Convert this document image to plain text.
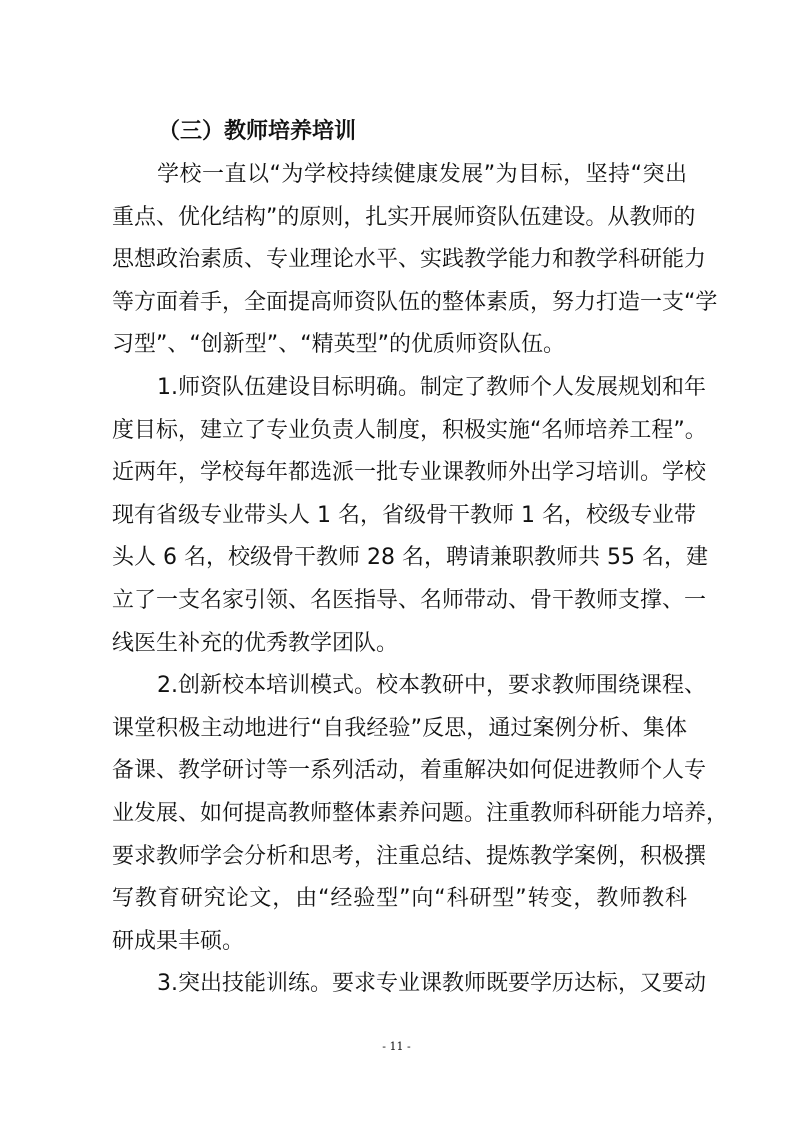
（三）教师培养培训
学校一直以“为学校持续健康发展”为目标，坚持“突出
重点、优化结构”的原则，扎实开展师资队伍建设。从教师的
思想政治素质、专业理论水平、实践教学能力和教学科研能力
等方面着手，全面提高师资队伍的整体素质，努力打造一支“学
习型”、“创新型”、“精英型”的优质师资队伍。
1.师资队伍建设目标明确。制定了教师个人发展规划和年
度目标，建立了专业负责人制度，积极实施“名师培养工程”。
近两年，学校每年都选派一批专业课教师外出学习培训。学校
现有省级专业带头人 1 名，省级骨干教师 1 名，校级专业带
头人 6 名，校级骨干教师 28 名，聘请兼职教师共 55 名，建
立了一支名家引领、名医指导、名师带动、骨干教师支撑、一
线医生补充的优秀教学团队。
2.创新校本培训模式。校本教研中，要求教师围绕课程、
课堂积极主动地进行“自我经验”反思，通过案例分析、集体
备课、教学研讨等一系列活动，着重解决如何促进教师个人专
业发展、如何提高教师整体素养问题。注重教师科研能力培养，
要求教师学会分析和思考，注重总结、提炼教学案例，积极撰
写教育研究论文，由“经验型”向“科研型”转变，教师教科
研成果丰硕。
3.突出技能训练。要求专业课教师既要学历达标，又要动
- 11 -
